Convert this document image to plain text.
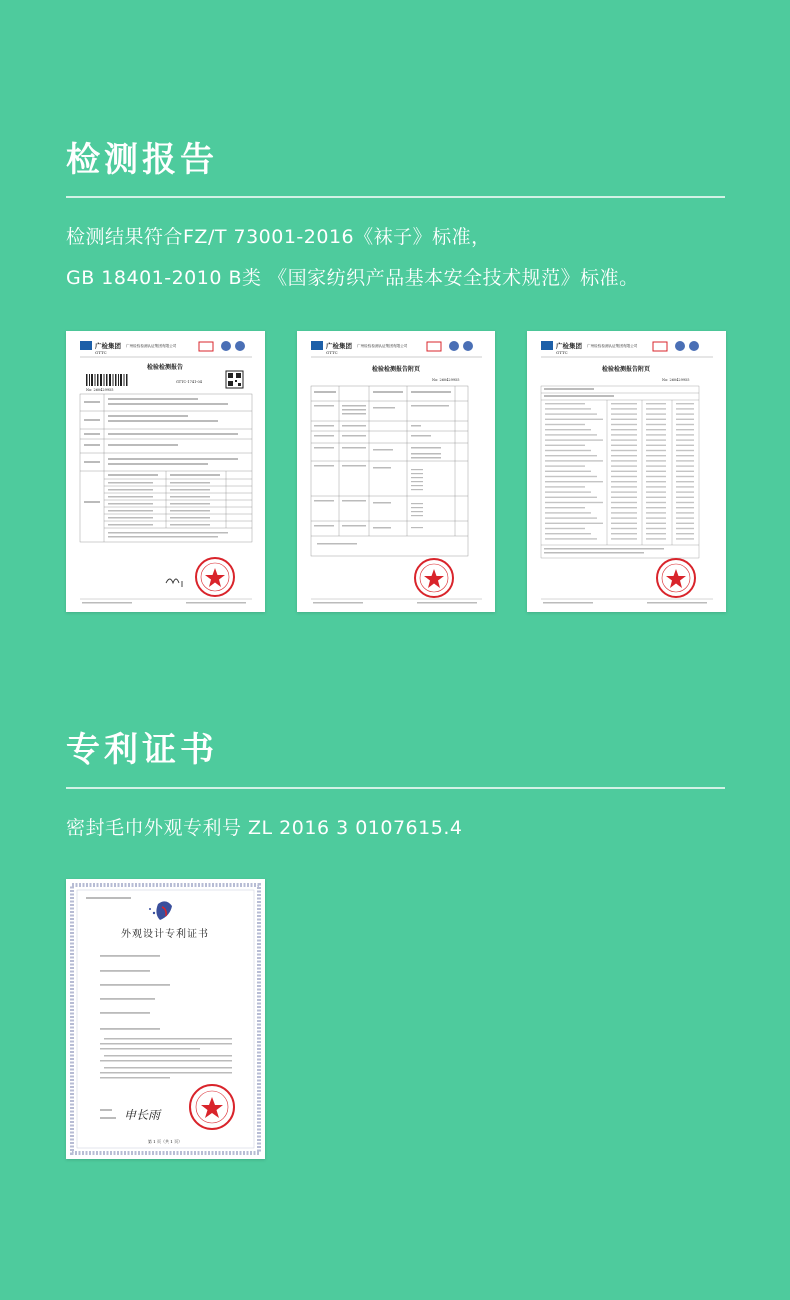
检测报告
检测结果符合FZ/T 73001-2016《袜子》标准，
GB 18401-2010 B类 《国家纺织产品基本安全技术规范》标准。
广检集团
GTTC
广州检验检测认证集团有限公司
检验检测报告
No: 260429955
GTTC-1741-04
广检集团
GTTC
广州检验检测认证集团有限公司
检验检测报告附页
No: 260429955
广检集团
GTTC
广州检验检测认证集团有限公司
检验检测报告附页
No: 260429955
专利证书
密封毛巾外观专利号 ZL 2016 3 0107615.4
外观设计专利证书
申长雨
第 1 页（共 1 页）
